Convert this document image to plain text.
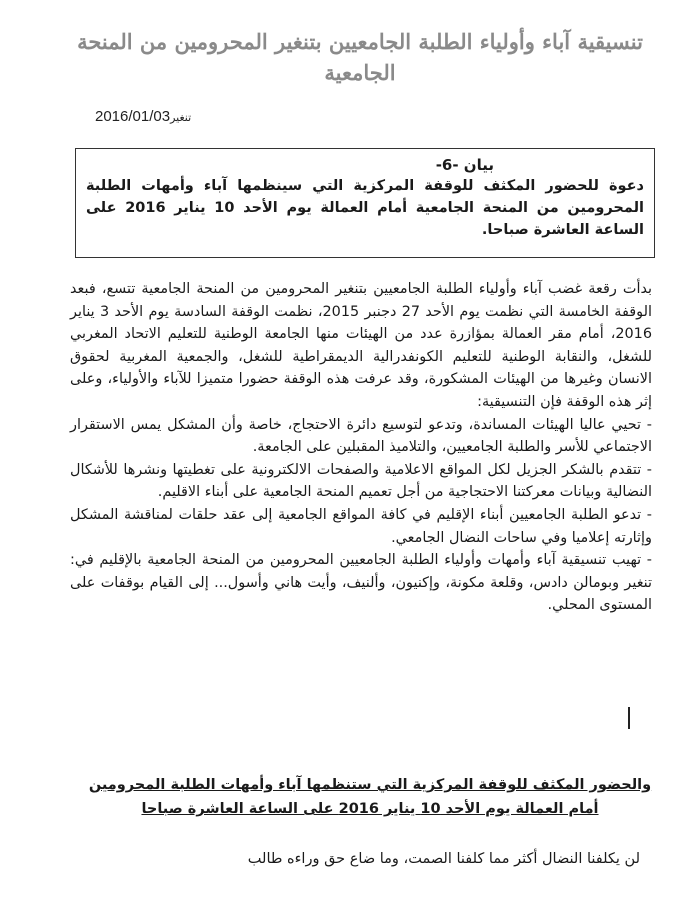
تنسيقية آباء وأولياء الطلبة الجامعيين بتنغير المحرومين من المنحة الجامعية
2016/01/03تنغير
بيان -6-
دعوة للحضور المكثف للوقفة المركزية التي سينظمها آباء وأمهات الطلبة المحرومين من المنحة الجامعية أمام العمالة يوم الأحد 10 يناير 2016 على الساعة العاشرة صباحا.

بدأت رقعة غضب آباء وأولياء الطلبة الجامعيين بتنغير المحرومين من المنحة الجامعية تتسع، فبعد الوقفة الخامسة التي نظمت يوم الأحد 27 دجنبر 2015، نظمت الوقفة السادسة يوم الأحد 3 يناير 2016، أمام مقر العمالة بمؤازرة عدد من الهيئات منها الجامعة الوطنية للتعليم الاتحاد المغربي للشغل، والنقابة الوطنية للتعليم الكونفدرالية الديمقراطية للشغل، والجمعية المغربية لحقوق الانسان وغيرها من الهيئات المشكورة، وقد عرفت هذه الوقفة حضورا متميزا للآباء والأولياء، وعلى إثر هذه الوقفة فإن التنسيقية:

- تحيي عاليا الهيئات المساندة، وتدعو لتوسيع دائرة الاحتجاج، خاصة وأن المشكل يمس الاستقرار الاجتماعي للأسر والطلبة الجامعيين، والتلاميذ المقبلين على الجامعة.

- تتقدم بالشكر الجزيل لكل المواقع الاعلامية والصفحات الالكترونية على تغطيتها ونشرها للأشكال النضالية وبيانات معركتنا الاحتجاجية من أجل تعميم المنحة الجامعية على أبناء الاقليم.

- تدعو الطلبة الجامعيين أبناء الإقليم في كافة المواقع الجامعية إلى عقد حلقات لمناقشة المشكل وإثارته إعلاميا وفي ساحات النضال الجامعي.

- تهيب تنسيقية آباء وأمهات وأولياء الطلبة الجامعيين المحرومين من المنحة الجامعية بالإقليم في: تنغير وبومالن دادس، وقلعة مكونة، وإكنيون، وألنيف، وأيت هاني وأسول... إلى القيام بوقفات على المستوى المحلي.

والحضور المكثف للوقفة المركزية التي ستنظمها آباء وأمهات الطلبة المحرومين أمام العمالة يوم الأحد 10 يناير 2016 على الساعة العاشرة صباحا
لن يكلفنا النضال أكثر مما كلفنا الصمت، وما ضاع حق وراءه طالب
